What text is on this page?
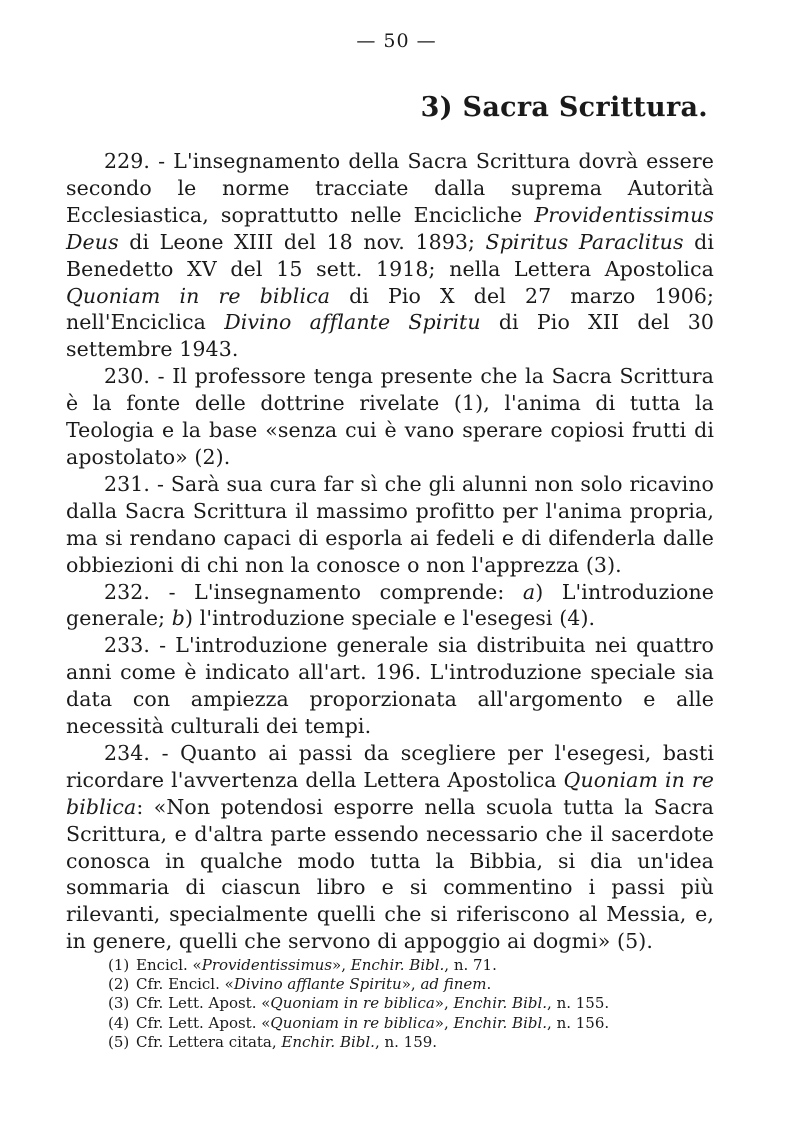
— 50 —
3) Sacra Scrittura.

229. - L'insegnamento della Sacra Scrittura dovrà essere secondo le norme tracciate dalla suprema Autorità Ecclesiastica, soprattutto nelle Encicliche Providentissimus Deus di Leone XIII del 18 nov. 1893; Spiritus Paraclitus di Benedetto XV del 15 sett. 1918; nella Lettera Apostolica Quoniam in re biblica di Pio X del 27 marzo 1906; nell'Enciclica Divino afflante Spiritu di Pio XII del 30 settembre 1943.

230. - Il professore tenga presente che la Sacra Scrittura è la fonte delle dottrine rivelate (1), l'anima di tutta la Teologia e la base «senza cui è vano sperare copiosi frutti di apostolato» (2).

231. - Sarà sua cura far sì che gli alunni non solo ricavino dalla Sacra Scrittura il massimo profitto per l'anima propria, ma si rendano capaci di esporla ai fedeli e di difenderla dalle obbiezioni di chi non la conosce o non l'apprezza (3).

232. - L'insegnamento comprende: a) L'introduzione generale; b) l'introduzione speciale e l'esegesi (4).

233. - L'introduzione generale sia distribuita nei quattro anni come è indicato all'art. 196. L'introduzione speciale sia data con ampiezza proporzionata all'argomento e alle necessità culturali dei tempi.

234. - Quanto ai passi da scegliere per l'esegesi, basti ricordare l'avvertenza della Lettera Apostolica Quoniam in re biblica: «Non potendosi esporre nella scuola tutta la Sacra Scrittura, e d'altra parte essendo necessario che il sacerdote conosca in qualche modo tutta la Bibbia, si dia un'idea sommaria di ciascun libro e si commentino i passi più rilevanti, specialmente quelli che si riferiscono al Messia, e, in genere, quelli che servono di appoggio ai dogmi» (5).

(1) Encicl. «Providentissimus», Enchir. Bibl., n. 71.

(2) Cfr. Encicl. «Divino afflante Spiritu», ad finem.

(3) Cfr. Lett. Apost. «Quoniam in re biblica», Enchir. Bibl., n. 155.

(4) Cfr. Lett. Apost. «Quoniam in re biblica», Enchir. Bibl., n. 156.

(5) Cfr. Lettera citata, Enchir. Bibl., n. 159.
